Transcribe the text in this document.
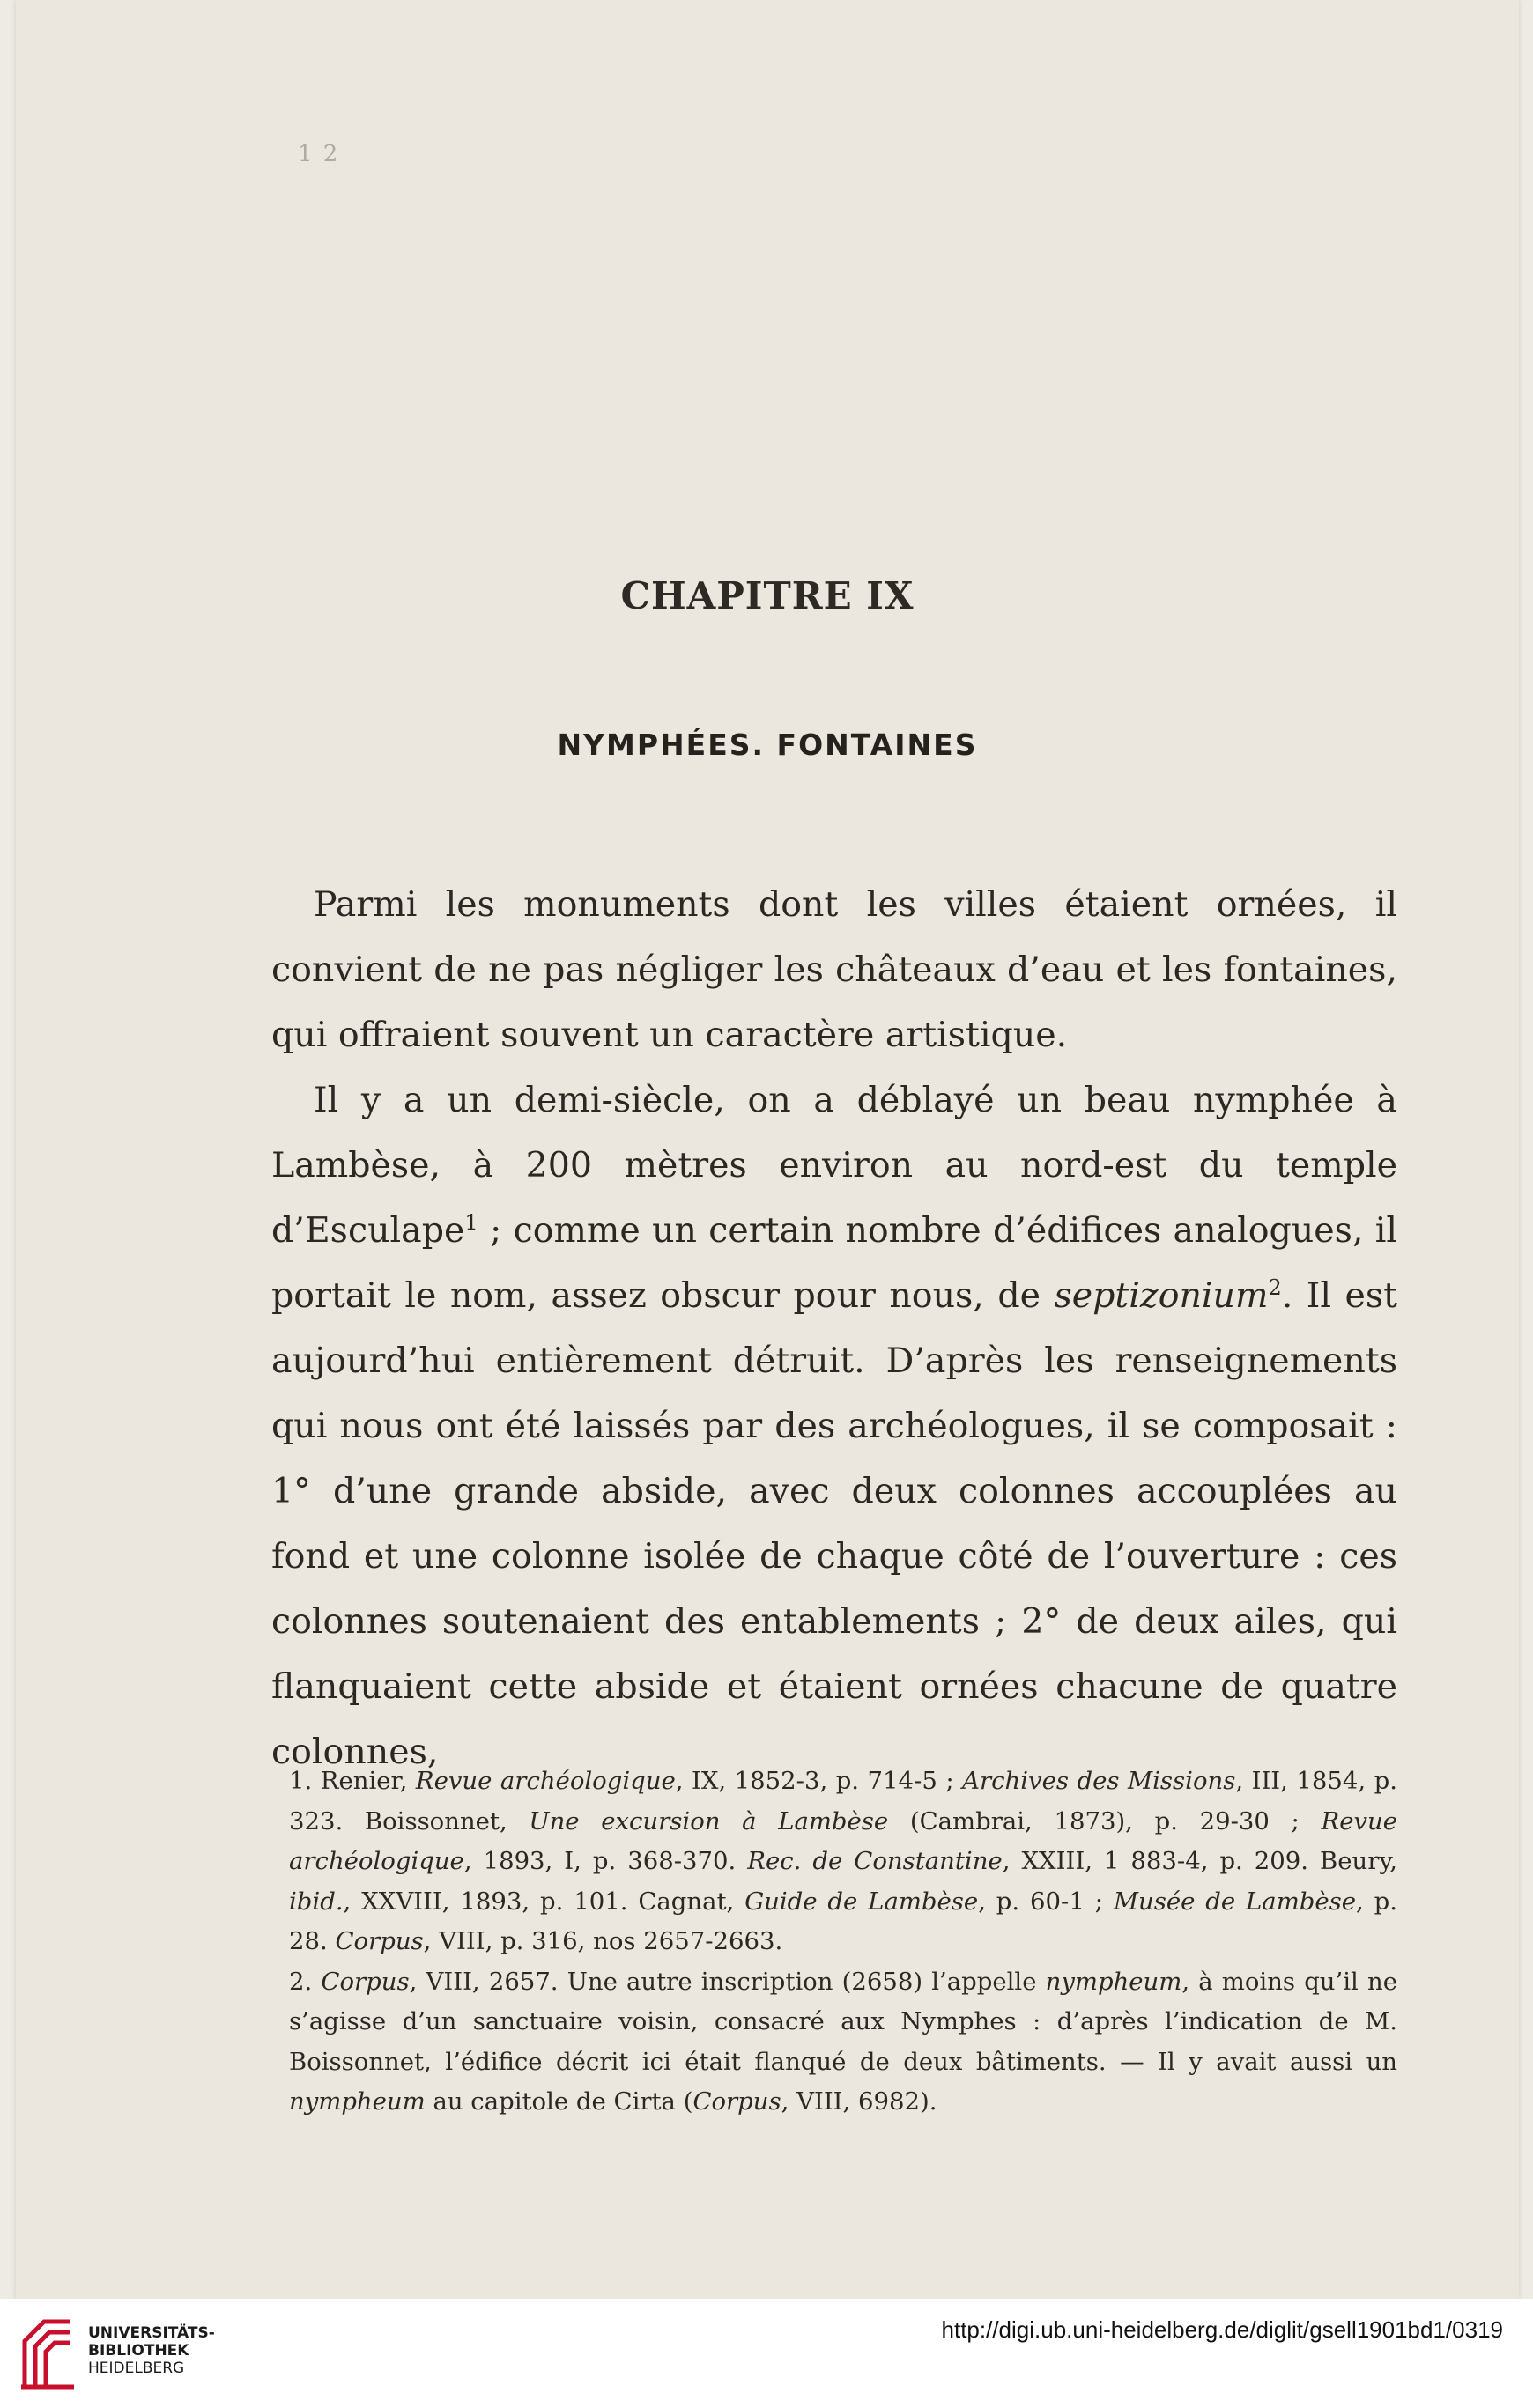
1 2
CHAPITRE IX
NYMPHÉES. FONTAINES

Parmi les monuments dont les villes étaient ornées, il convient de ne pas négliger les châteaux d’eau et les fontaines, qui offraient souvent un caractère artistique.

Il y a un demi-siècle, on a déblayé un beau nymphée à Lambèse, à 200 mètres environ au nord-est du temple d’Esculape$^1$ ; comme un certain nombre d’édifices analogues, il portait le nom, assez obscur pour nous, de septizonium$^2$. Il est aujourd’hui entièrement détruit. D’après les renseignements qui nous ont été laissés par des archéologues, il se composait : 1° d’une grande abside, avec deux colonnes accouplées au fond et une colonne isolée de chaque côté de l’ouverture : ces colonnes soutenaient des entablements ; 2° de deux ailes, qui flanquaient cette abside et étaient ornées chacune de quatre colonnes,

1. Renier, Revue archéologique, IX, 1852-3, p. 714-5 ; Archives des Missions, III, 1854, p. 323. Boissonnet, Une excursion à Lambèse (Cambrai, 1873), p. 29-30 ; Revue archéologique, 1893, I, p. 368-370. Rec. de Constantine, XXIII, 1 883-4, p. 209. Beury, ibid., XXVIII, 1893, p. 101. Cagnat, Guide de Lambèse, p. 60-1 ; Musée de Lambèse, p. 28. Corpus, VIII, p. 316, nos 2657-2663.

2. Corpus, VIII, 2657. Une autre inscription (2658) l’appelle nympheum, à moins qu’il ne s’agisse d’un sanctuaire voisin, consacré aux Nymphes : d’après l’indication de M. Boissonnet, l’édifice décrit ici était flanqué de deux bâtiments. — Il y avait aussi un nympheum au capitole de Cirta (Corpus, VIII, 6982).

UNIVERSITÄTS-
BIBLIOTHEK
HEIDELBERG
http://digi.ub.uni-heidelberg.de/diglit/gsell1901bd1/0319
